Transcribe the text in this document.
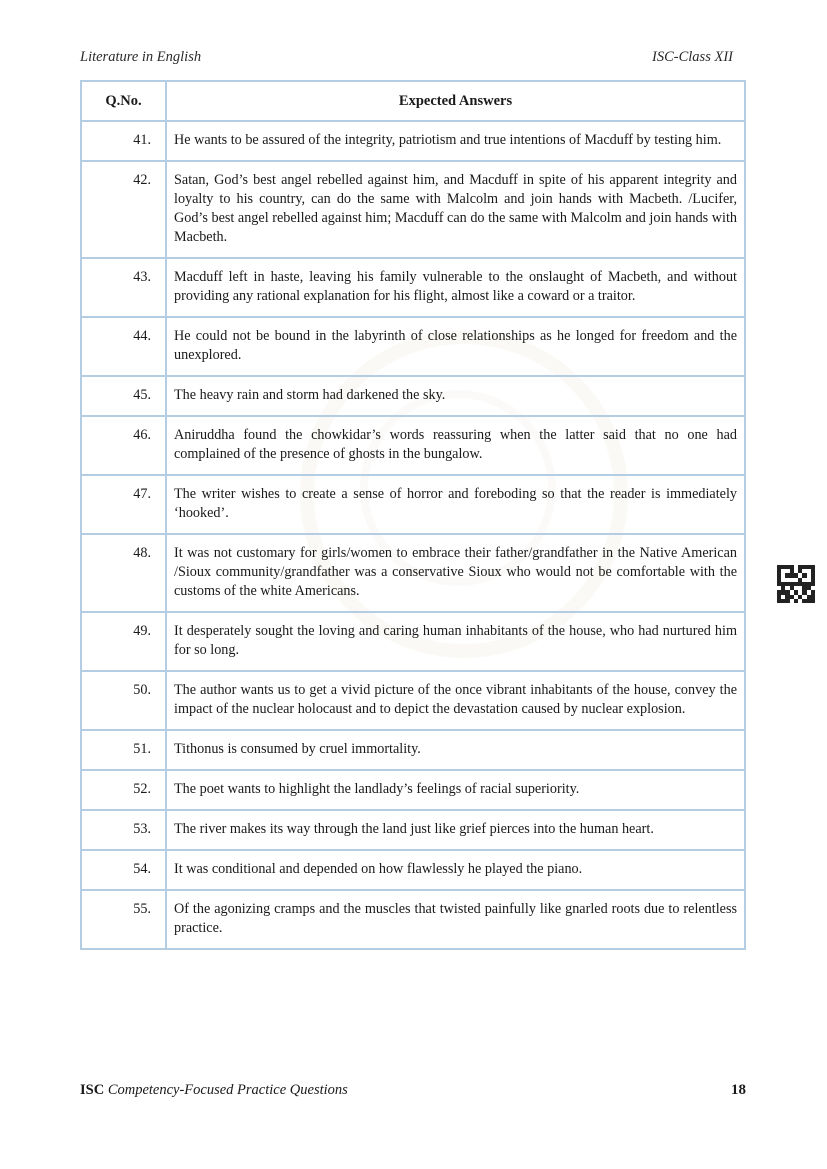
Literature in English	ISC-Class XII
Q.No.	Expected Answers
41.	He wants to be assured of the integrity, patriotism and true intentions of Macduff by testing him.
42.	Satan, God’s best angel rebelled against him, and Macduff in spite of his apparent integrity and loyalty to his country, can do the same with Malcolm and join hands with Macbeth. /Lucifer, God’s best angel rebelled against him; Macduff can do the same with Malcolm and join hands with Macbeth.
43.	Macduff left in haste, leaving his family vulnerable to the onslaught of Macbeth, and without providing any rational explanation for his flight, almost like a coward or a traitor.
44.	He could not be bound in the labyrinth of close relationships as he longed for freedom and the unexplored.
45.	The heavy rain and storm had darkened the sky.
46.	Aniruddha found the chowkidar’s words reassuring when the latter said that no one had complained of the presence of ghosts in the bungalow.
47.	The writer wishes to create a sense of horror and foreboding so that the reader is immediately ‘hooked’.
48.	It was not customary for girls/women to embrace their father/grandfather in the Native American /Sioux community/grandfather was a conservative Sioux who would not be comfortable with the customs of the white Americans.
49.	It desperately sought the loving and caring human inhabitants of the house, who had nurtured him for so long.
50.	The author wants us to get a vivid picture of the once vibrant inhabitants of the house, convey the impact of the nuclear holocaust and to depict the devastation caused by nuclear explosion.
51.	Tithonus is consumed by cruel immortality.
52.	The poet wants to highlight the landlady’s feelings of racial superiority.
53.	The river makes its way through the land just like grief pierces into the human heart.
54.	It was conditional and depended on how flawlessly he played the piano.
55.	Of the agonizing cramps and the muscles that twisted painfully like gnarled roots due to relentless practice.
ISC Competency-Focused Practice Questions	18
